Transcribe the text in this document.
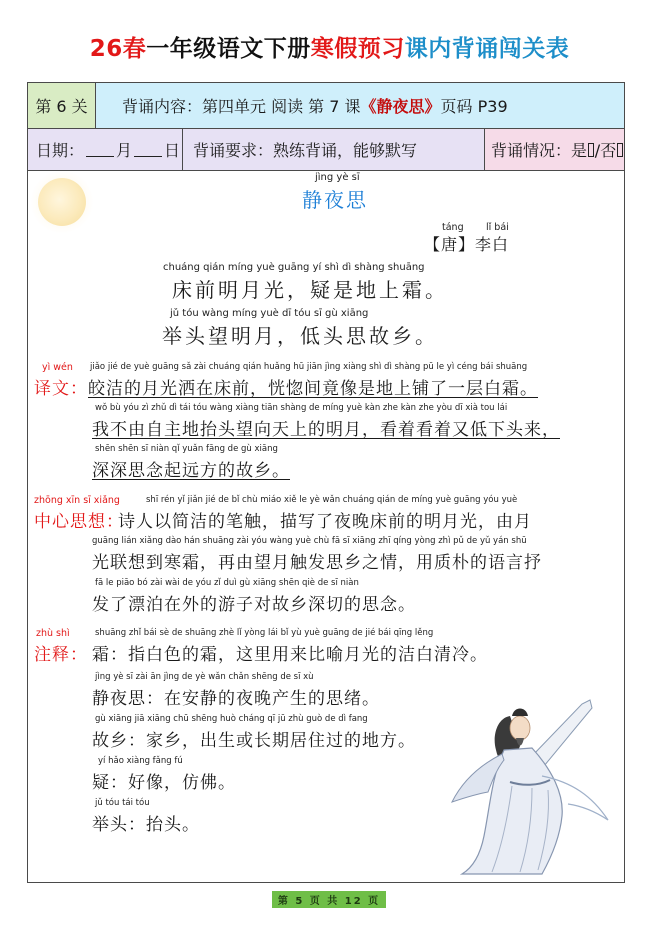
26春一年级语文下册寒假预习课内背诵闯关表
第 6 关	背诵内容：第四单元 阅读 第 7 课 《静夜思》 页码 P39
日期： 月 日 背诵要求：熟练背诵，能够默写	背诵情况：是 /否
jìng yè sī
静夜思
táng lǐ bái
【唐】李白
chuáng qián míng yuè guāng yí shì dì shàng shuāng
床前明月光，疑是地上霜。
jǔ tóu wàng míng yuè dī tóu sī gù xiāng
举头望明月，低头思故乡。
yì wén
译文：
jiǎo jié de yuè guāng sǎ zài chuáng qián huǎng hū jiān jìng xiàng shì dì shàng pū le yì céng bái shuāng
皎洁的月光洒在床前，恍惚间竟像是地上铺了一层白霜。
wǒ bù yóu zì zhǔ dì tái tóu wàng xiàng tiān shàng de míng yuè kàn zhe kàn zhe yòu dī xià tou lái
我不由自主地抬头望向天上的明月，看着看着又低下头来，
shēn shēn sī niàn qǐ yuǎn fāng de gù xiāng
深深思念起远方的故乡。
zhōng xīn sī xiǎng
中心思想：
shī rén yǐ jiǎn jié de bǐ chù miáo xiě le yè wǎn chuáng qián de míng yuè guāng yóu yuè
诗人以简洁的笔触，描写了夜晚床前的明月光，由月
guāng lián xiǎng dào hán shuāng zài yóu wàng yuè chù fā sī xiāng zhī qíng yòng zhì pǔ de yǔ yán shū
光联想到寒霜，再由望月触发思乡之情，用质朴的语言抒
fā le piāo bó zài wài de yóu zǐ duì gù xiāng shēn qiè de sī niàn
发了漂泊在外的游子对故乡深切的思念。
zhù shì
注释：
shuāng zhǐ bái sè de shuāng zhè lǐ yòng lái bǐ yù yuè guāng de jié bái qīng lěng
霜：指白色的霜，这里用来比喻月光的洁白清冷。
jìng yè sī zài ān jìng de yè wǎn chǎn shēng de sī xù
静夜思：在安静的夜晚产生的思绪。
gù xiāng jiā xiāng chū shēng huò cháng qī jū zhù guò de dì fang
故乡：家乡，出生或长期居住过的地方。
yí hǎo xiàng fǎng fú
疑：好像，仿佛。
jǔ tóu tái tóu
举头：抬头。
第 5 页 共 12 页
